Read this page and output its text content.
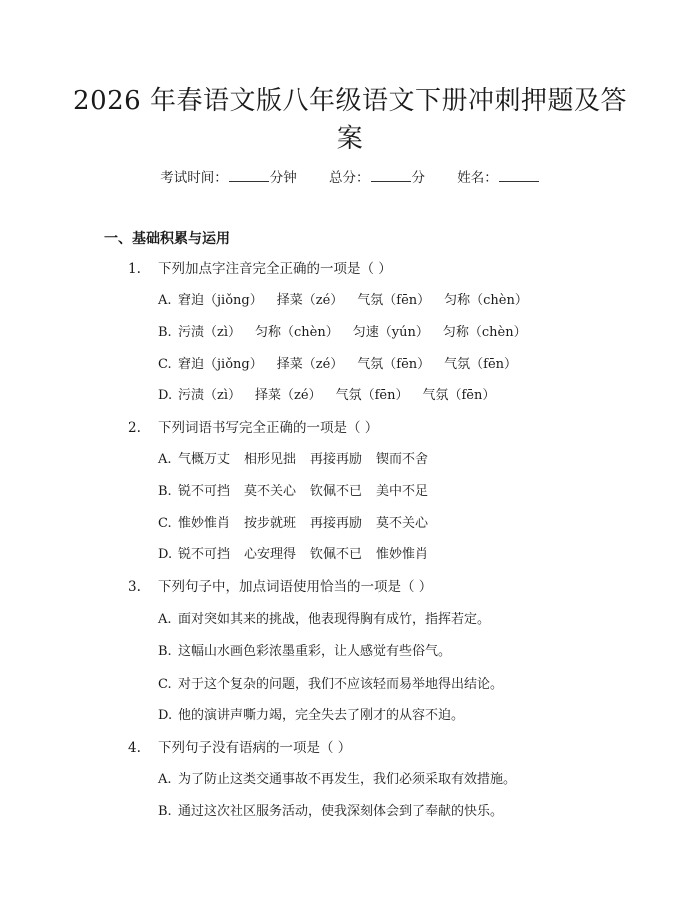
2026 年春语文版八年级语文下册冲刺押题及答案
考试时间：	分钟 总分：	分 姓名：
一、基础积累与运用
1. 下列加点字注音完全正确的一项是（ ）
A. 窘迫（jiǒng） 择菜（zé） 气氛（fēn） 匀称（chèn）
B. 污渍（zì） 匀称（chèn） 匀速（yún） 匀称（chèn）
C. 窘迫（jiǒng） 择菜（zé） 气氛（fēn） 气氛（fēn）
D. 污渍（zì） 择菜（zé） 气氛（fēn） 气氛（fēn）
2. 下列词语书写完全正确的一项是（ ）
A. 气概万丈 相形见拙 再接再励 锲而不舍
B. 锐不可挡 莫不关心 钦佩不已 美中不足
C. 惟妙惟肖 按步就班 再接再励 莫不关心
D. 锐不可挡 心安理得 钦佩不已 惟妙惟肖
3. 下列句子中，加点词语使用恰当的一项是（ ）
A. 面对突如其来的挑战，他表现得胸有成竹，指挥若定。
B. 这幅山水画色彩浓墨重彩，让人感觉有些俗气。
C. 对于这个复杂的问题，我们不应该轻而易举地得出结论。
D. 他的演讲声嘶力竭，完全失去了刚才的从容不迫。
4. 下列句子没有语病的一项是（ ）
A. 为了防止这类交通事故不再发生，我们必须采取有效措施。
B. 通过这次社区服务活动，使我深刻体会到了奉献的快乐。
